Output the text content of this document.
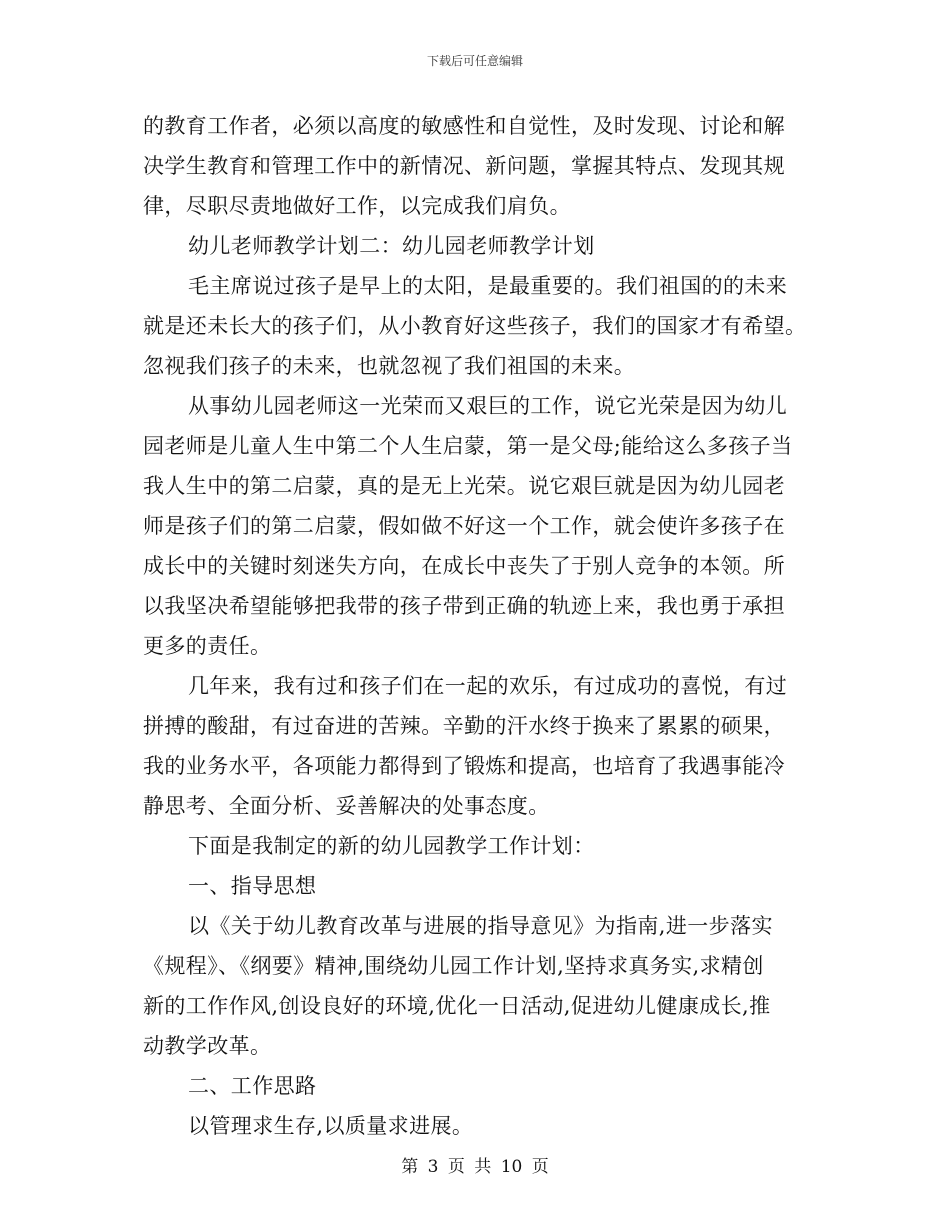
下载后可任意编辑
的教育工作者，必须以高度的敏感性和自觉性，及时发现、讨论和解
决学生教育和管理工作中的新情况、新问题，掌握其特点、发现其规
律，尽职尽责地做好工作，以完成我们肩负。
幼儿老师教学计划二：幼儿园老师教学计划
毛主席说过孩子是早上的太阳，是最重要的。我们祖国的的未来
就是还未长大的孩子们，从小教育好这些孩子，我们的国家才有希望。
忽视我们孩子的未来，也就忽视了我们祖国的未来。
从事幼儿园老师这一光荣而又艰巨的工作，说它光荣是因为幼儿
园老师是儿童人生中第二个人生启蒙，第一是父母;能给这么多孩子当
我人生中的第二启蒙，真的是无上光荣。说它艰巨就是因为幼儿园老
师是孩子们的第二启蒙，假如做不好这一个工作，就会使许多孩子在
成长中的关键时刻迷失方向，在成长中丧失了于别人竞争的本领。所
以我坚决希望能够把我带的孩子带到正确的轨迹上来，我也勇于承担
更多的责任。
几年来，我有过和孩子们在一起的欢乐，有过成功的喜悦，有过
拼搏的酸甜，有过奋进的苦辣。辛勤的汗水终于换来了累累的硕果，
我的业务水平，各项能力都得到了锻炼和提高，也培育了我遇事能冷
静思考、全面分析、妥善解决的处事态度。
下面是我制定的新的幼儿园教学工作计划：
一、指导思想
以《关于幼儿教育改革与进展的指导意见》为指南,进一步落实
《规程》、《纲要》精神,围绕幼儿园工作计划,坚持求真务实,求精创
新的工作作风,创设良好的环境,优化一日活动,促进幼儿健康成长,推
动教学改革。
二、工作思路
以管理求生存,以质量求进展。
第 3 页 共 10 页
